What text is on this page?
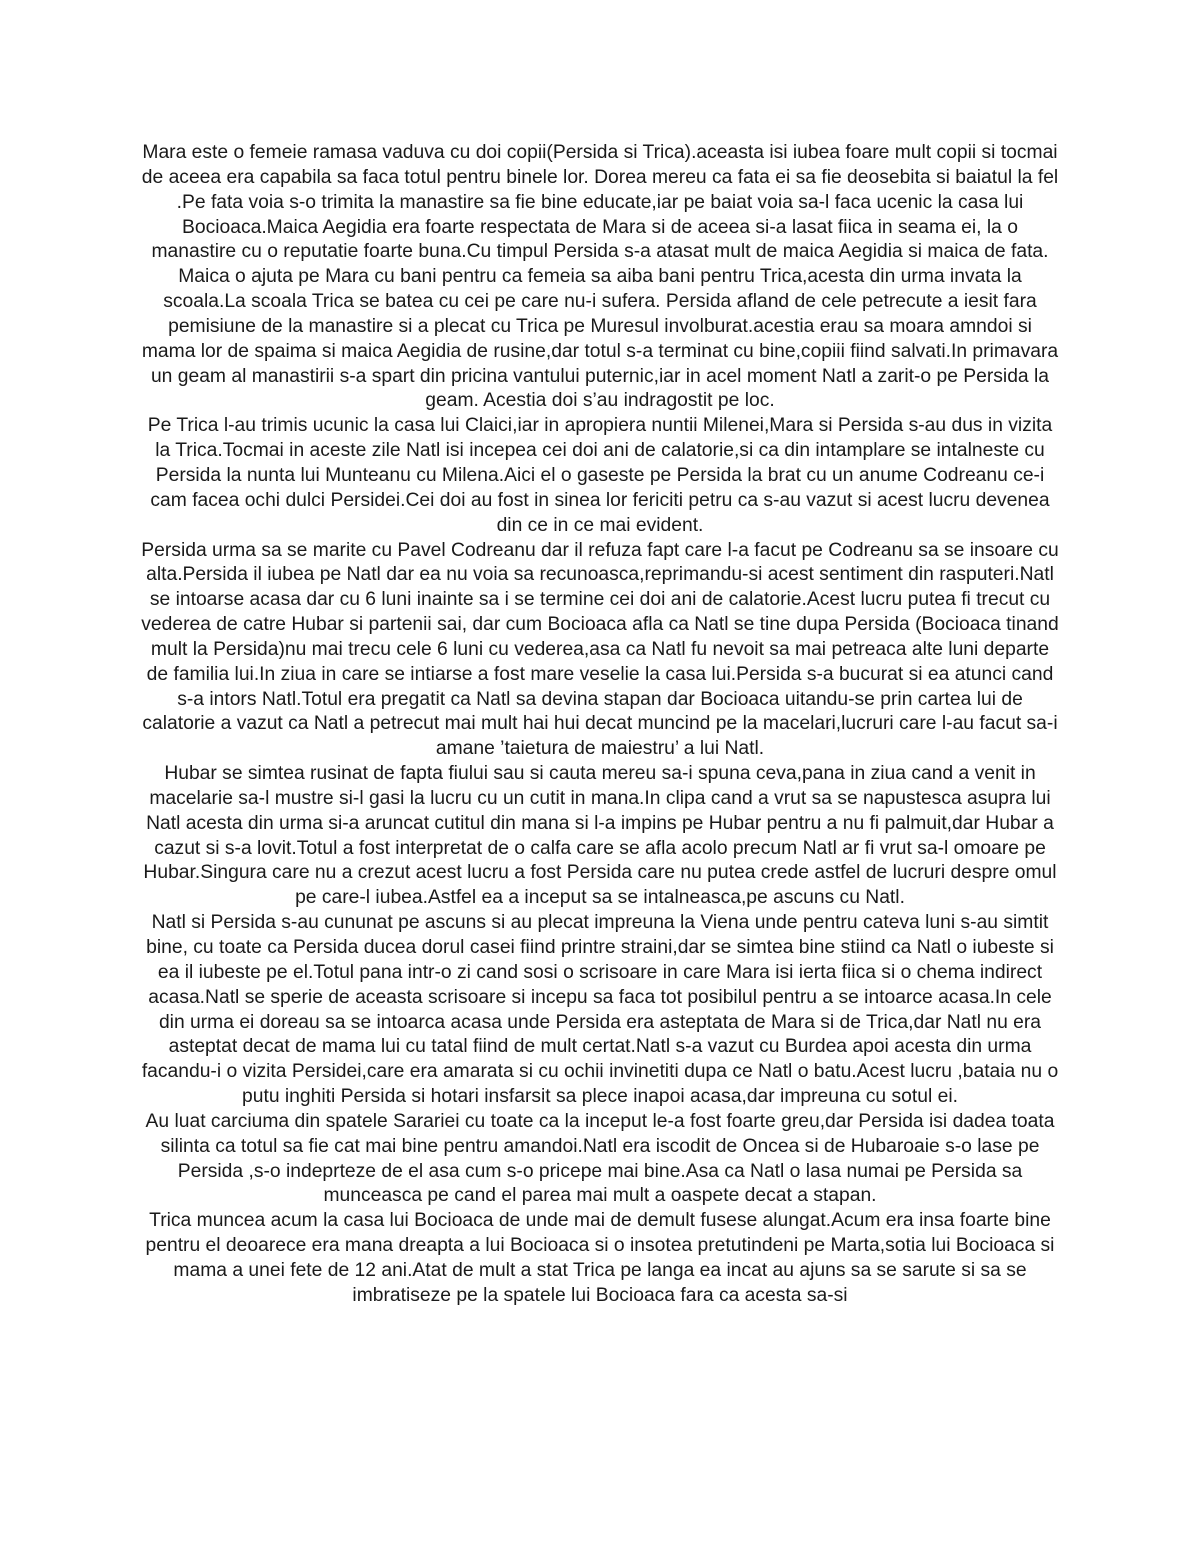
Mara este o femeie ramasa vaduva cu doi copii(Persida si Trica).aceasta isi iubea foare mult copii si tocmai de aceea era capabila sa faca totul pentru binele lor. Dorea mereu ca fata ei sa fie deosebita si baiatul la fel .Pe fata voia s-o trimita la manastire sa fie bine educate,iar pe baiat voia sa-l faca ucenic la casa lui Bocioaca.Maica Aegidia era foarte respectata de Mara si de aceea si-a lasat fiica in seama ei, la o manastire cu o reputatie foarte buna.Cu timpul Persida s-a atasat mult de maica Aegidia si maica de fata. Maica o ajuta pe Mara cu bani pentru ca femeia sa aiba bani pentru Trica,acesta din urma invata la scoala.La scoala Trica se batea cu cei pe care nu-i sufera. Persida afland de cele petrecute a iesit fara pemisiune de la manastire si a plecat cu Trica pe Muresul involburat.acestia erau sa moara amndoi si mama lor de spaima si maica Aegidia de rusine,dar totul s-a terminat cu bine,copiii fiind salvati.In primavara un geam al manastirii s-a spart din pricina vantului puternic,iar in acel moment Natl a zarit-o pe Persida la geam. Acestia doi s’au indragostit pe loc.

Pe Trica l-au trimis ucunic la casa lui Claici,iar in apropiera nuntii Milenei,Mara si Persida s-au dus in vizita la Trica.Tocmai in aceste zile Natl isi incepea cei doi ani de calatorie,si ca din intamplare se intalneste cu Persida la nunta lui Munteanu cu Milena.Aici el o gaseste pe Persida la brat cu un anume Codreanu ce-i cam facea ochi dulci Persidei.Cei doi au fost in sinea lor fericiti petru ca s-au vazut si acest lucru devenea din ce in ce mai evident.

Persida urma sa se marite cu Pavel Codreanu dar il refuza fapt care l-a facut pe Codreanu sa se insoare cu alta.Persida il iubea pe Natl dar ea nu voia sa recunoasca,reprimandu-si acest sentiment din rasputeri.Natl se intoarse acasa dar cu 6 luni inainte sa i se termine cei doi ani de calatorie.Acest lucru putea fi trecut cu vederea de catre Hubar si partenii sai, dar cum Bocioaca afla ca Natl se tine dupa Persida (Bocioaca tinand mult la Persida)nu mai trecu cele 6 luni cu vederea,asa ca Natl fu nevoit sa mai petreaca alte luni departe de familia lui.In ziua in care se intiarse a fost mare veselie la casa lui.Persida s-a bucurat si ea atunci cand s-a intors Natl.Totul era pregatit ca Natl sa devina stapan dar Bocioaca uitandu-se prin cartea lui de calatorie a vazut ca Natl a petrecut mai mult hai hui decat muncind pe la macelari,lucruri care l-au facut sa-i amane ’taietura de maiestru’ a lui Natl.

Hubar se simtea rusinat de fapta fiului sau si cauta mereu sa-i spuna ceva,pana in ziua cand a venit in macelarie sa-l mustre si-l gasi la lucru cu un cutit in mana.In clipa cand a vrut sa se napustesca asupra lui Natl acesta din urma si-a aruncat cutitul din mana si l-a impins pe Hubar pentru a nu fi palmuit,dar Hubar a cazut si s-a lovit.Totul a fost interpretat de o calfa care se afla acolo precum Natl ar fi vrut sa-l omoare pe Hubar.Singura care nu a crezut acest lucru a fost Persida care nu putea crede astfel de lucruri despre omul pe care-l iubea.Astfel ea a inceput sa se intalneasca,pe ascuns cu Natl.

Natl si Persida s-au cununat pe ascuns si au plecat impreuna la Viena unde pentru cateva luni s-au simtit bine, cu toate ca Persida ducea dorul casei fiind printre straini,dar se simtea bine stiind ca Natl o iubeste si ea il iubeste pe el.Totul pana intr-o zi cand sosi o scrisoare in care Mara isi ierta fiica si o chema indirect acasa.Natl se sperie de aceasta scrisoare si incepu sa faca tot posibilul pentru a se intoarce acasa.In cele din urma ei doreau sa se intoarca acasa unde Persida era asteptata de Mara si de Trica,dar Natl nu era asteptat decat de mama lui cu tatal fiind de mult certat.Natl s-a vazut cu Burdea apoi acesta din urma facandu-i o vizita Persidei,care era amarata si cu ochii invinetiti dupa ce Natl o batu.Acest lucru ,bataia nu o putu inghiti Persida si hotari insfarsit sa plece inapoi acasa,dar impreuna cu sotul ei.

Au luat carciuma din spatele Sarariei cu toate ca la inceput le-a fost foarte greu,dar Persida isi dadea toata silinta ca totul sa fie cat mai bine pentru amandoi.Natl era iscodit de Oncea si de Hubaroaie s-o lase pe Persida ,s-o indeprteze de el asa cum s-o pricepe mai bine.Asa ca Natl o lasa numai pe Persida sa munceasca pe cand el parea mai mult a oaspete decat a stapan.

Trica muncea acum la casa lui Bocioaca de unde mai de demult fusese alungat.Acum era insa foarte bine pentru el deoarece era mana dreapta a lui Bocioaca si o insotea pretutindeni pe Marta,sotia lui Bocioaca si mama a unei fete de 12 ani.Atat de mult a stat Trica pe langa ea incat au ajuns sa se sarute si sa se imbratiseze pe la spatele lui Bocioaca fara ca acesta sa-si
